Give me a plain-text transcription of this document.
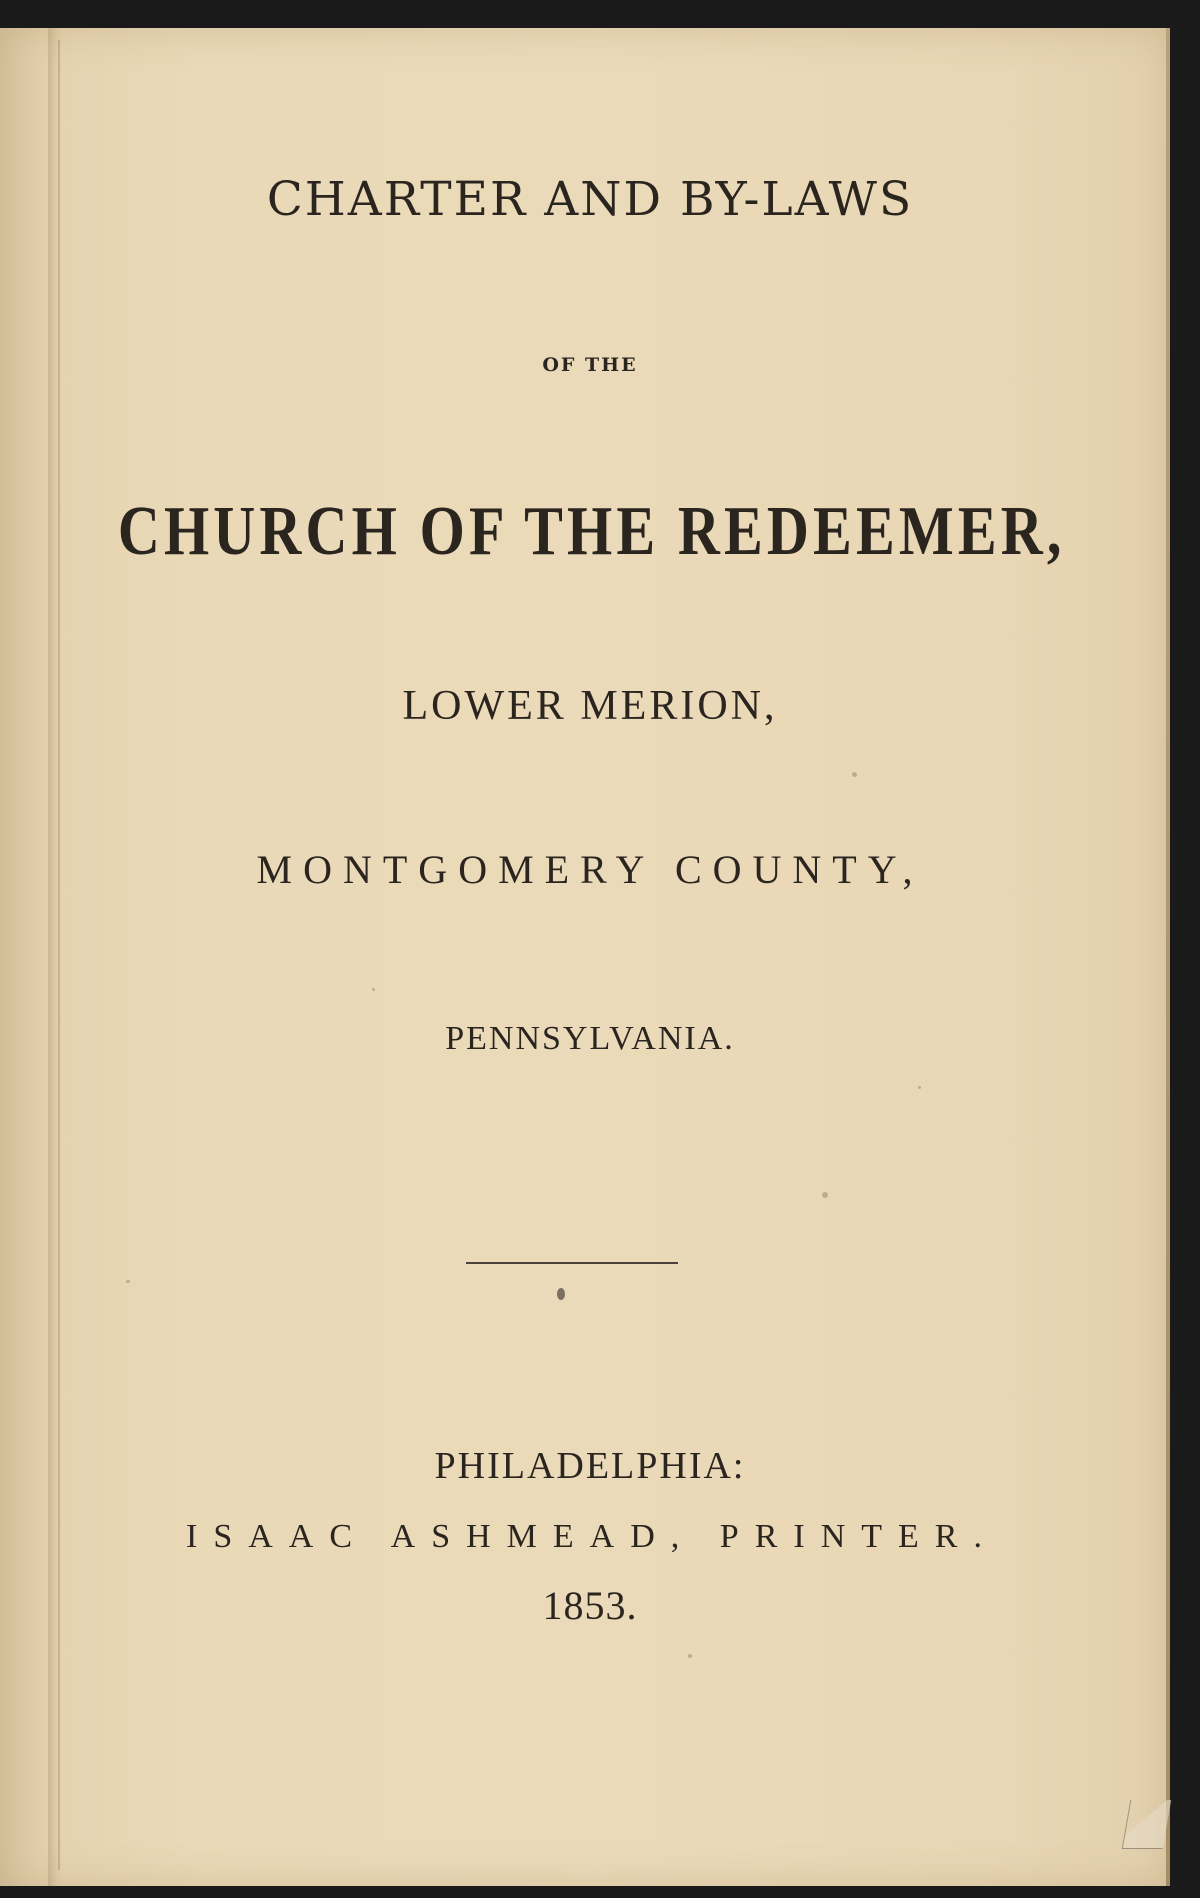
CHARTER AND BY-LAWS
OF THE
CHURCH OF THE REDEEMER,
LOWER MERION,
MONTGOMERY COUNTY,
PENNSYLVANIA.
PHILADELPHIA:
ISAAC ASHMEAD, PRINTER.
1853.
